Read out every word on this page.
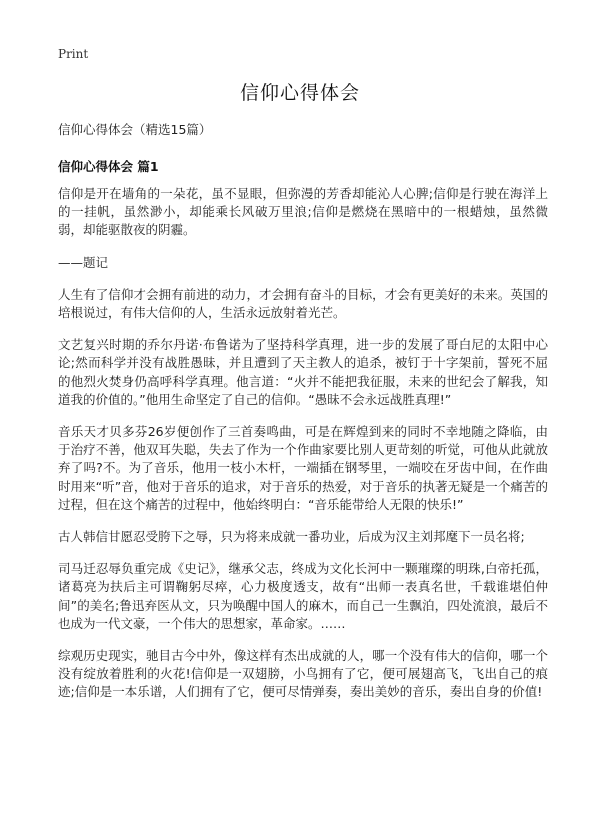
Print
信仰心得体会

信仰心得体会（精选15篇）

信仰心得体会 篇1

信仰是开在墙角的一朵花，虽不显眼，但弥漫的芳香却能沁人心脾;信仰是行驶在海洋上的一挂帆，虽然渺小，却能乘长风破万里浪;信仰是燃烧在黑暗中的一根蜡烛，虽然微弱，却能驱散夜的阴霾。

——题记

人生有了信仰才会拥有前进的动力，才会拥有奋斗的目标，才会有更美好的未来。英国的培根说过，有伟大信仰的人，生活永远放射着光芒。

文艺复兴时期的乔尔丹诺·布鲁诺为了坚持科学真理，进一步的发展了哥白尼的太阳中心论;然而科学并没有战胜愚昧，并且遭到了天主教人的追杀，被钉于十字架前，誓死不屈的他烈火焚身仍高呼科学真理。他言道：“火并不能把我征服，未来的世纪会了解我，知道我的价值的。”他用生命坚定了自己的信仰。“愚昧不会永远战胜真理!”

音乐天才贝多芬26岁便创作了三首奏鸣曲，可是在辉煌到来的同时不幸地随之降临，由于治疗不善，他双耳失聪，失去了作为一个作曲家要比别人更苛刻的听觉，可他从此就放弃了吗?不。为了音乐，他用一枝小木杆，一端插在钢琴里，一端咬在牙齿中间，在作曲时用来“听”音，他对于音乐的追求，对于音乐的热爱，对于音乐的执著无疑是一个痛苦的过程，但在这个痛苦的过程中，他始终明白：“音乐能带给人无限的快乐!”

古人韩信甘愿忍受胯下之辱，只为将来成就一番功业，后成为汉主刘邦麾下一员名将;

司马迁忍辱负重完成《史记》，继承父志，终成为文化长河中一颗璀璨的明珠,白帝托孤，诸葛亮为扶后主可谓鞠躬尽瘁，心力极度透支，故有“出师一表真名世，千载谁堪伯仲间”的美名;鲁迅弃医从文，只为唤醒中国人的麻木，而自己一生飘泊，四处流浪，最后不也成为一代文豪，一个伟大的思想家，革命家。……

综观历史现实，驰目古今中外，像这样有杰出成就的人，哪一个没有伟大的信仰，哪一个没有绽放着胜利的火花!信仰是一双翅膀，小鸟拥有了它，便可展翅高飞，飞出自己的痕迹;信仰是一本乐谱，人们拥有了它，便可尽情弹奏，奏出美妙的音乐，奏出自身的价值!
